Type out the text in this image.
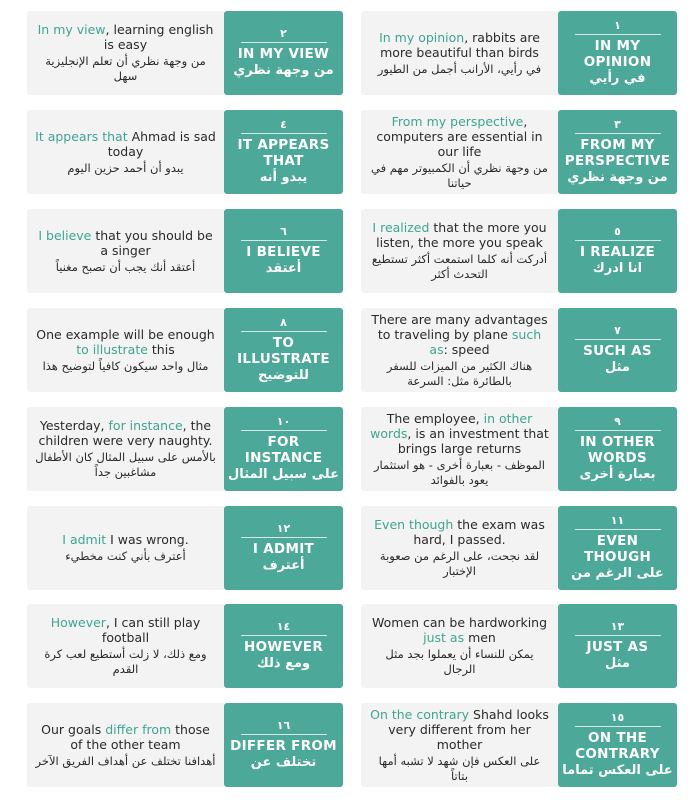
١
IN MY OPINION
في رأيي
In my opinion, rabbits are more beautiful than birds
في رأيي، الأرانب أجمل من الطيور
٢
IN MY VIEW
من وجهة نظري
In my view, learning english is easy
من وجهة نظري أن تعلم الإنجليزية سهل
٣
FROM MY PERSPECTIVE
من وجهة نظري
From my perspective, computers are essential in our life
من وجهة نظري أن الكمبيوتر مهم في حياتنا
٤
IT APPEARS THAT
يبدو أنه
It appears that Ahmad is sad today
يبدو أن أحمد حزين اليوم
٥
I REALIZE
انا ادرك
I realized that the more you listen, the more you speak
أدركت أنه كلما استمعت أكثر تستطيع التحدث أكثر
٦
I BELIEVE
أعتقد
I believe that you should be a singer
أعتقد أنك يجب أن تصبح مغنياً
٧
SUCH AS
مثل
There are many advantages to traveling by plane such as: speed
هناك الكثير من الميزات للسفر بالطائرة مثل: السرعة
٨
TO ILLUSTRATE
للتوضيح
One example will be enough to illustrate this
مثال واحد سيكون كافياً لتوضيح هذا
٩
IN OTHER WORDS
بعبارة أخرى
The employee, in other words, is an investment that brings large returns
الموظف - بعبارة أخرى - هو استثمار يعود بالفوائد
١٠
FOR INSTANCE
على سبيل المثال
Yesterday, for instance, the children were very naughty.
بالأمس على سبيل المثال كان الأطفال مشاغبين جداً
١١
EVEN THOUGH
على الرغم من
Even though the exam was hard, I passed.
لقد نجحت، على الرغم من صعوبة الإختبار
١٢
I ADMIT
أعترف
I admit I was wrong.
أعترف بأني كنت مخطيء
١٣
JUST AS
مثل
Women can be hardworking just as men
يمكن للنساء أن يعملوا بجد مثل الرجال
١٤
HOWEVER
ومع ذلك
However, I can still play football
ومع ذلك، لا زلت أستطيع لعب كرة القدم
١٥
ON THE CONTRARY
على العكس تماما
On the contrary Shahd looks very different from her mother
على العكس فإن شهد لا تشبه أمها بتاتاً
١٦
DIFFER FROM
تختلف عن
Our goals differ from those of the other team
أهدافنا تختلف عن أهداف الفريق الآخر
